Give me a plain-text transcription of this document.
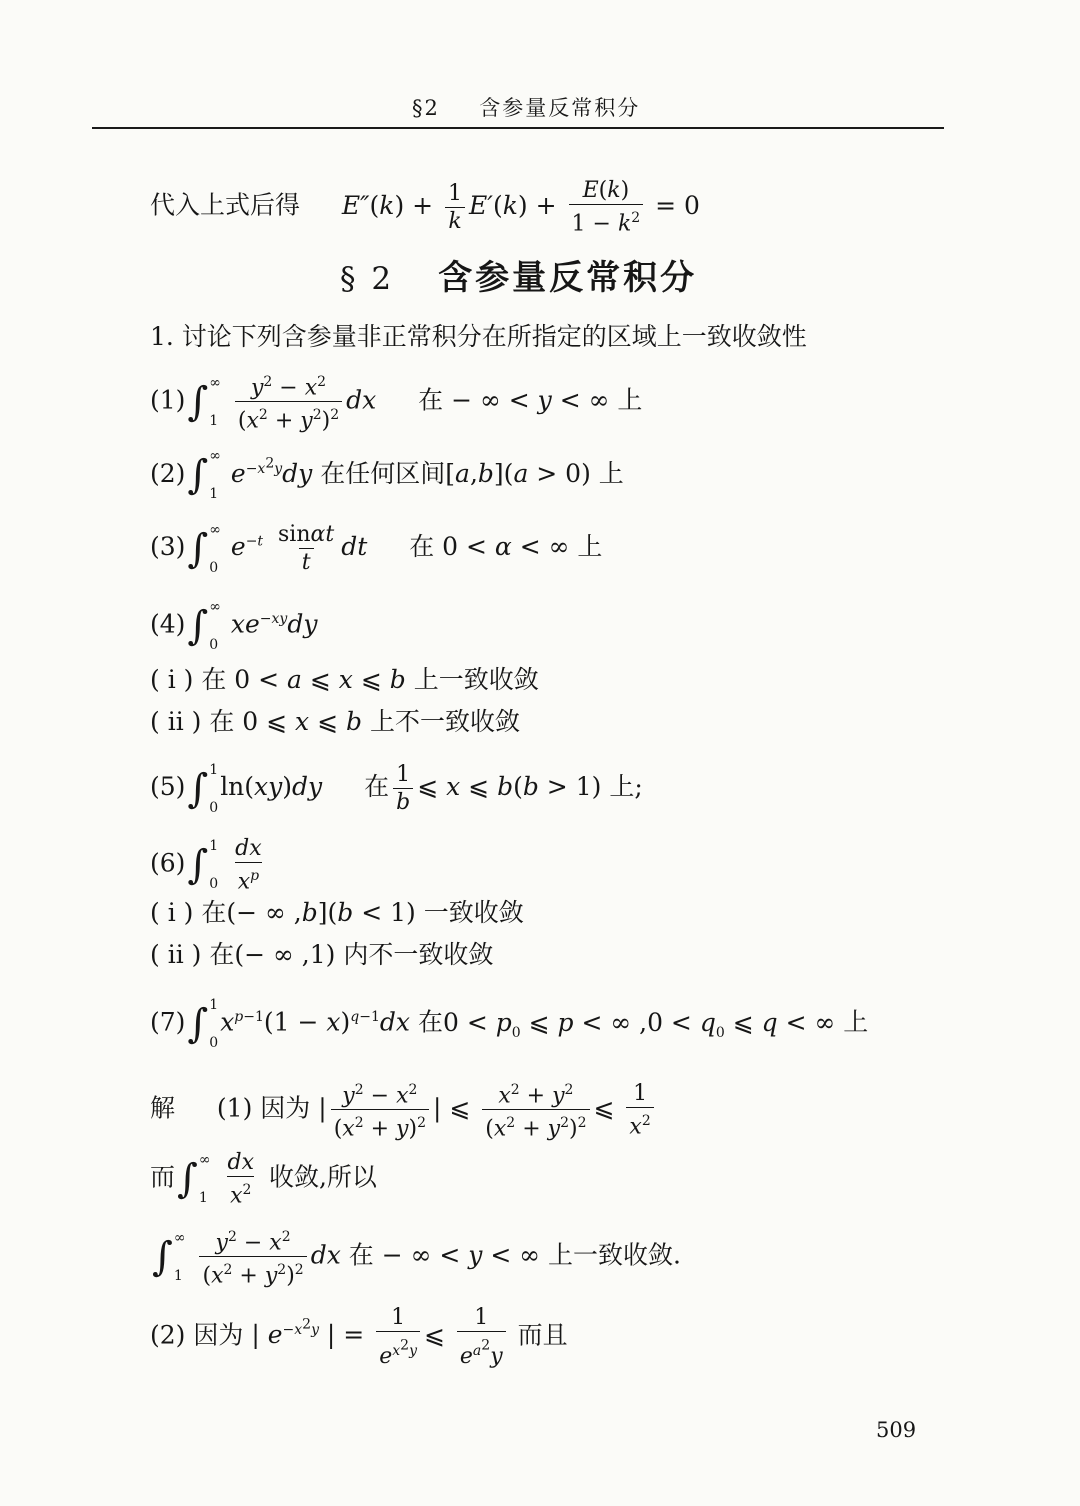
§2 含参量反常积分
代入上式后得 $E''(k) + \frac{1}{k} E'(k) + \frac{E(k)}{1 - k^2} = 0$
§ 2 含参量反常积分
1. 讨论下列含参量非正常积分在所指定的区域上一致收敛性
(1) ∫ ∞
1
$\frac{y^2 - x^2}{(x^2 + y^2)^2}$ dx 在 − ∞ < y < ∞ 上
(2) ∫ ∞
1
$e^{-x^2y}dy$ 在任何区间[a,b](a > 0) 上
(3) ∫ ∞
0
$e^{-t} \frac{\sin\alpha t}{t}$ dt 在 0 < α < ∞ 上
(4) ∫ ∞
0
$xe^{-xy}dy$
( ⅰ ) 在 0 < a ⩽ x ⩽ b 上一致收敛
( ⅱ ) 在 0 ⩽ x ⩽ b 上不一致收敛
(5) ∫ 1
0
ln(xy)dy 在 $\frac{1}{b}$ ⩽ x ⩽ b(b > 1) 上;
(6) ∫ 1
0
$\frac{dx}{x^p}$
( ⅰ ) 在(− ∞ ,b](b < 1) 一致收敛
( ⅱ ) 在(− ∞ ,1) 内不一致收敛
(7) ∫ 1
0
$x^{p-1}(1 - x)^{q-1}dx$ 在$0 < p_0$ ⩽ p < ∞ $,0 < q_0$ ⩽ q < ∞ 上
解 (1) 因为 | $\frac{y^2 - x^2}{(x^2 + y)^2}$ | ⩽ $\frac{x^2 + y^2}{(x^2 + y^2)^2}$ ⩽ $\frac{1}{x^2}$
而 ∫ ∞
1
$\frac{dx}{x^2}$ 收敛,所以
∫ ∞
1
$\frac{y^2 - x^2}{(x^2 + y^2)^2}$ dx 在 − ∞ < y < ∞ 上一致收敛.
(2) 因为 | $e^{-x^2y}$ | = $\frac{1}{e^{x^2y}}$ ⩽ $\frac{1}{e^{a^2}y}$ 而且
509
